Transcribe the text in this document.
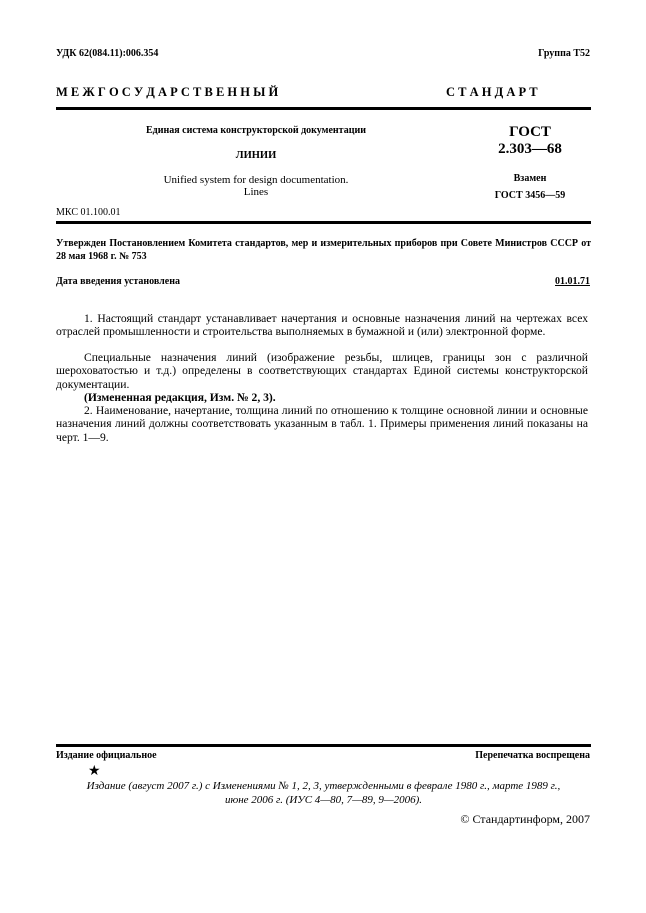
УДК 62(084.11):006.354	Группа Т52
М Е Ж Г О С У Д А Р С Т В Е Н Н Ы Й	С Т А Н Д А Р Т
Единая система конструкторской документации
ЛИНИИ
Unified system for design documentation.
Lines
ГОСТ
2.303—68
Взамен
ГОСТ 3456—59
МКС 01.100.01
Утвержден Постановлением Комитета стандартов, мер и измерительных приборов при Совете Министров СССР от 28 мая 1968 г. № 753
Дата введения установлена	01.01.71
1. Настоящий стандарт устанавливает начертания и основные назначения линий на чертежах всех отраслей промышленности и строительства выполняемых в бумажной и (или) электронной форме.
Специальные назначения линий (изображение резьбы, шлицев, границы зон с различной шероховатостью и т.д.) определены в соответствующих стандартах Единой системы конструкторской документации.
(Измененная редакция, Изм. № 2, 3).
2. Наименование, начертание, толщина линий по отношению к толщине основной линии и основные назначения линий должны соответствовать указанным в табл. 1. Примеры применения линий показаны на черт. 1—9.
Издание официальное	Перепечатка воспрещена
★
Издание (август 2007 г.) с Изменениями № 1, 2, 3, утвержденными в феврале 1980 г., марте 1989 г.,
июне 2006 г. (ИУС 4—80, 7—89, 9—2006).
© Стандартинформ, 2007
